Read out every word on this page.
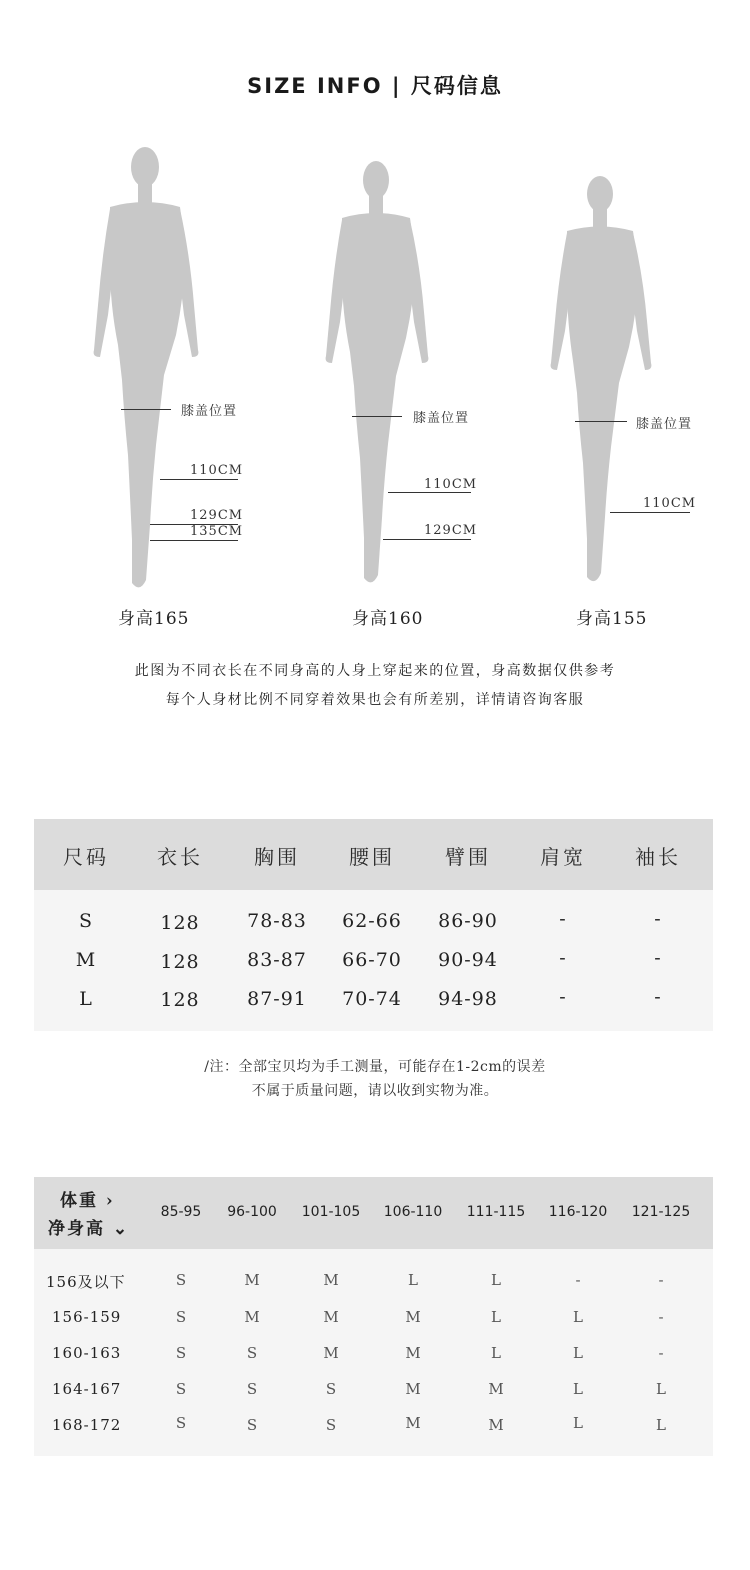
SIZE INFO | 尺码信息
膝盖位置
110CM
129CM
135CM
身高165
膝盖位置
110CM
129CM
身高160
膝盖位置
110CM
身高155
此图为不同衣长在不同身高的人身上穿起来的位置，身高数据仅供参考
每个人身材比例不同穿着效果也会有所差别，详情请咨询客服
尺码 衣长	胸围 腰围	臂围 肩宽 袖长
S	128 78-83 62-66 86-90	-	-
M	128 83-87 66-70 90-94	-	-
L	128 87-91 70-74 94-98	-	-
/注：全部宝贝均为手工测量，可能存在1-2cm的误差
不属于质量问题，请以收到实物为准。
体重 ›
净身高 ⌄
85-95 96-100 101-105 106-110 111-115 116-120 121-125
156及以下	S	M	M	L	L	-	-
156-159	S	M	M	M	L	L	-
160-163	S	S	M	M	L	L	-
164-167	S	S	S	M	M	L	L
168-172	S	S	S	M	M	L	L
